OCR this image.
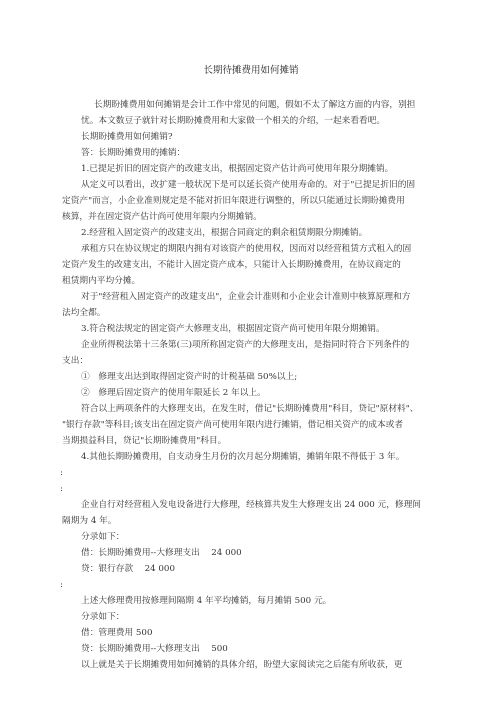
长期待摊费用如何摊销
长期盼摊费用如何摊销是会计工作中常见的问题，假如不太了解这方面的内容，别担
忧。本文数豆子就针对长期盼摊费用和大家做一个相关的介绍，一起来看看吧。
长期盼摊费用如何摊销?
答：长期盼摊费用的摊销：
1.已提足折旧的固定资产的改建支出，根据固定资产估计尚可使用年限分期摊销。
从定义可以看出，改扩建一般状况下是可以延长资产使用寿命的。对于"已提足折旧的固
定资产"而言，小企业准则规定是不能对折旧年限进行调整的，所以只能通过长期盼摊费用
核算，并在固定资产估计尚可使用年限内分期摊销。
2.经营租入固定资产的改建支出，根据合同商定的剩余租赁期限分期摊销。
承租方只在协议规定的期限内拥有对该资产的使用权，因而对以经营租赁方式租入的固
定资产发生的改建支出，不能计入固定资产成本，只能计入长期盼摊费用，在协议商定的
租赁期内平均分摊。
对于"经营租入固定资产的改建支出"，企业会计准则和小企业会计准则中核算原理和方
法均全都。
3.符合税法规定的固定资产大修理支出，根据固定资产尚可使用年限分期摊销。
企业所得税法第十三条第(三)项所称固定资产的大修理支出，是指同时符合下列条件的
支出：
①　修理支出达到取得固定资产时的计税基础 50%以上;
②　修理后固定资产的使用年限延长 2 年以上。
符合以上两项条件的大修理支出，在发生时，借记"长期盼摊费用"科目，贷记"原材料"、
"银行存款"等科目;该支出在固定资产尚可使用年限内进行摊销，借记相关资产的成本或者
当期损益科目，贷记"长期盼摊费用"科目。
4.其他长期盼摊费用，自支动身生月份的次月起分期摊销，摊销年限不得低于 3 年。
:
:
企业自行对经营租入发电设备进行大修理，经核算共发生大修理支出 24 000 元，修理间
隔期为 4 年。
分录如下：
借：长期盼摊费用--大修理支出　 24 000
贷：银行存款　 24 000
:
上述大修理费用按修理间隔期 4 年平均摊销，每月摊销 500 元。
分录如下：
借：管理费用 500
贷：长期盼摊费用--大修理支出　 500
以上就是关于长期摊费用如何摊销的具体介绍，盼望大家阅读完之后能有所收获，更
